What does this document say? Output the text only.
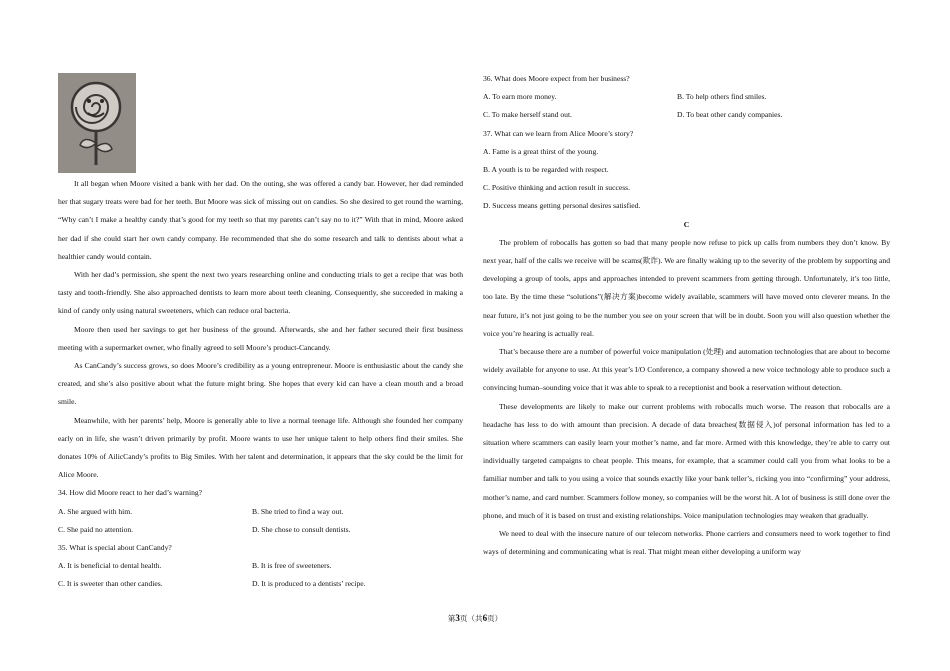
It all began when Moore visited a bank with her dad. On the outing, she was offered a candy bar. However, her dad reminded her that sugary treats were bad for her teeth. But Moore was sick of missing out on candies. So she desired to get round the warning, “Why can’t I make a healthy candy that’s good for my teeth so that my parents can’t say no to it?” With that in mind, Moore asked her dad if she could start her own candy company. He recommended that she do some research and talk to dentists about what a healthier candy would contain.

With her dad’s permission, she spent the next two years researching online and conducting trials to get a recipe that was both tasty and tooth-friendly. She also approached dentists to learn more about teeth cleaning. Consequently, she succeeded in making a kind of candy only using natural sweeteners, which can reduce oral bacteria.

Moore then used her savings to get her business of the ground. Afterwards, she and her father secured their first business meeting with a supermarket owner, who finally agreed to sell Moore’s product-Cancandy.

As CanCandy’s success grows, so does Moore’s credibility as a young entrepreneur. Moore is enthusiastic about the candy she created, and she’s also positive about what the future might bring. She hopes that every kid can have a clean mouth and a broad smile.

Meanwhile, with her parents’ help, Moore is generally able to live a normal teenage life. Although she founded her company early on in life, she wasn’t driven primarily by profit. Moore wants to use her unique talent to help others find their smiles. She donates 10% of AilicCandy’s profits to Big Smiles. With her talent and determination, it appears that the sky could be the limit for Alice Moore.

34. How did Moore react to her dad’s warning?

A. She argued with him.	B. She tried to find a way out.

C. She paid no attention.	D. She chose to consult dentists.

35. What is special about CanCandy?

A. It is beneficial to dental health.	B. It is free of sweeteners.

C. It is sweeter than other candies.	D. It is produced to a dentists’ recipe.

36. What does Moore expect from her business?

A. To earn more money.	B. To help others find smiles.

C. To make herself stand out.	D. To beat other candy companies.

37. What can we learn from Alice Moore’s story?

A. Fame is a great thirst of the young.

B. A youth is to be regarded with respect.

C. Positive thinking and action result in success.

D. Success means getting personal desires satisfied.

C

The problem of robocalls has gotten so bad that many people now refuse to pick up calls from numbers they don’t know. By next year, half of the calls we receive will be scams(欺诈). We are finally waking up to the severity of the problem by supporting and developing a group of tools, apps and approaches intended to prevent scammers from getting through. Unfortunately, it’s too little, too late. By the time these “solutions”(解决方案)become widely available, scammers will have moved onto cleverer means. In the near future, it’s not just going to be the number you see on your screen that will be in doubt. Soon you will also question whether the voice you’re hearing is actually real.

That’s because there are a number of powerful voice manipulation (处理) and automation technologies that are about to become widely available for anyone to use. At this year’s I/O Conference, a company showed a new voice technology able to produce such a convincing human–sounding voice that it was able to speak to a receptionist and book a reservation without detection.

These developments are likely to make our current problems with robocalls much worse. The reason that robocalls are a headache has less to do with amount than precision. A decade of data breaches(数据侵入)of personal information has led to a situation where scammers can easily learn your mother’s name, and far more. Armed with this knowledge, they’re able to carry out individually targeted campaigns to cheat people. This means, for example, that a scammer could call you from what looks to be a familiar number and talk to you using a voice that sounds exactly like your bank teller’s, ricking you into “confirming” your address, mother’s name, and card number. Scammers follow money, so companies will be the worst hit. A lot of business is still done over the phone, and much of it is based on trust and existing relationships. Voice manipulation technologies may weaken that gradually.

We need to deal with the insecure nature of our telecom networks. Phone carriers and consumers need to work together to find ways of determining and communicating what is real. That might mean either developing a uniform way

第3页（共6页）
